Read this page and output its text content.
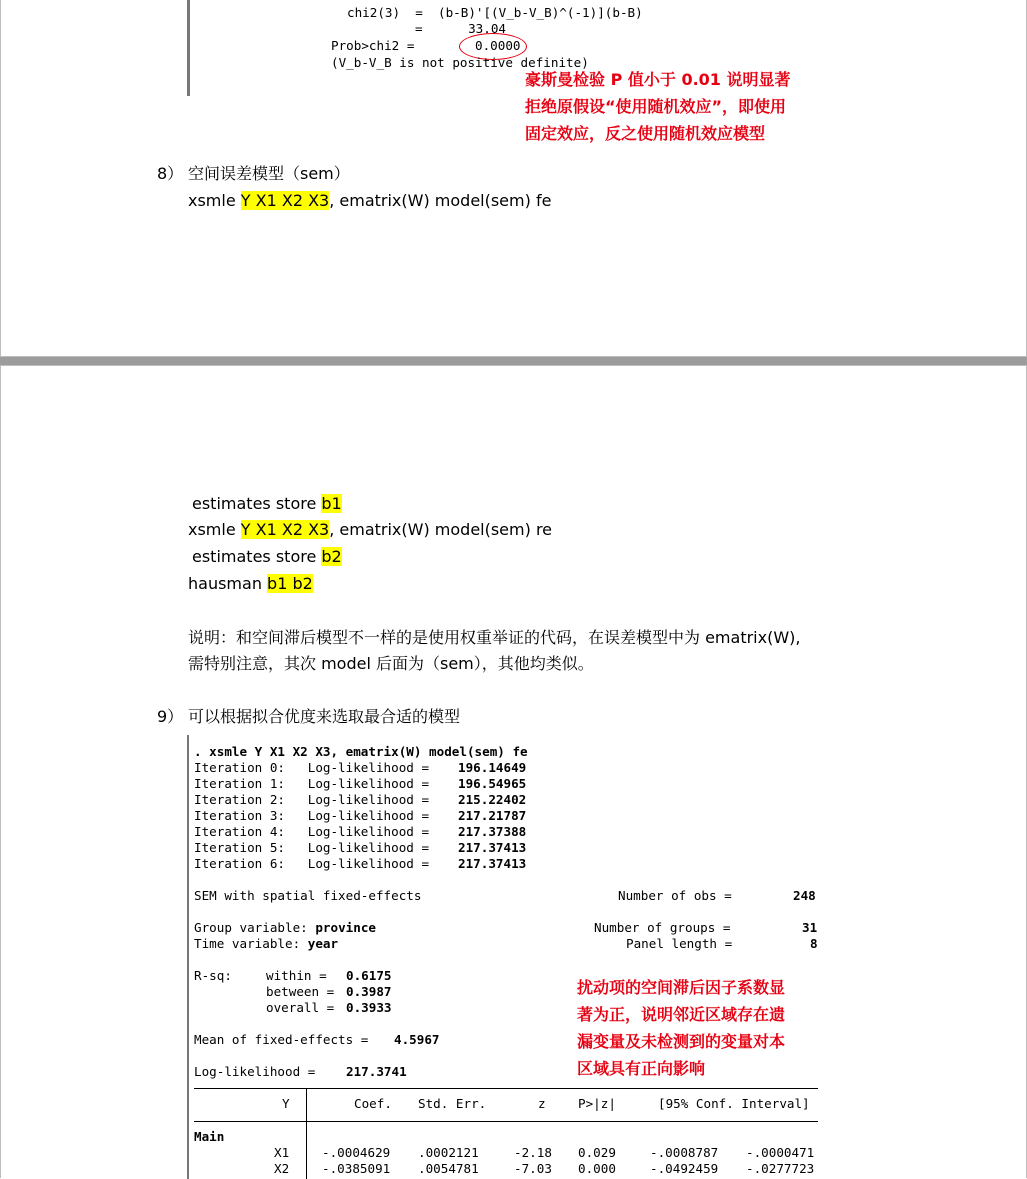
chi2(3)  =  (b-B)'[(V_b-V_B)^(-1)](b-B)
=      33.04
Prob>chi2 =	0.0000
(V_b-V_B is not positive definite)
豪斯曼检验 P 值小于 0.01 说明显著
拒绝原假设“使用随机效应”，即使用
固定效应，反之使用随机效应模型
8） 空间误差模型（sem）
xsmle Y X1 X2 X3, ematrix(W) model(sem) fe
estimates store b1
xsmle Y X1 X2 X3, ematrix(W) model(sem) re
estimates store b2
hausman b1 b2
说明：和空间滞后模型不一样的是使用权重举证的代码，在误差模型中为 ematrix(W),
需特别注意，其次 model 后面为（sem），其他均类似。
9） 可以根据拟合优度来选取最合适的模型
. xsmle Y X1 X2 X3, ematrix(W) model(sem) fe
Iteration 0:   Log-likelihood = 196.14649
Iteration 1:   Log-likelihood = 196.54965
Iteration 2:   Log-likelihood = 215.22402
Iteration 3:   Log-likelihood = 217.21787
Iteration 4:   Log-likelihood = 217.37388
Iteration 5:   Log-likelihood = 217.37413
Iteration 6:   Log-likelihood = 217.37413
SEM with spatial fixed-effects	Number of obs =	248
Group variable: province	Number of groups =	31
Time variable: year	Panel length =	8
R-sq:	within = 0.6175
between = 0.3987
overall = 0.3933
Mean of fixed-effects = 4.5967
Log-likelihood = 217.3741
扰动项的空间滞后因子系数显
著为正，说明邻近区域存在遗
漏变量及未检测到的变量对本
区域具有正向影响
Y	Coef. Std. Err.	z	P>|z|	[95% Conf. Interval]
Main
X1	-.0004629 .0002121	-2.18 0.029	-.0008787 -.0000471
X2	-.0385091 .0054781	-7.03 0.000	-.0492459 -.0277723
